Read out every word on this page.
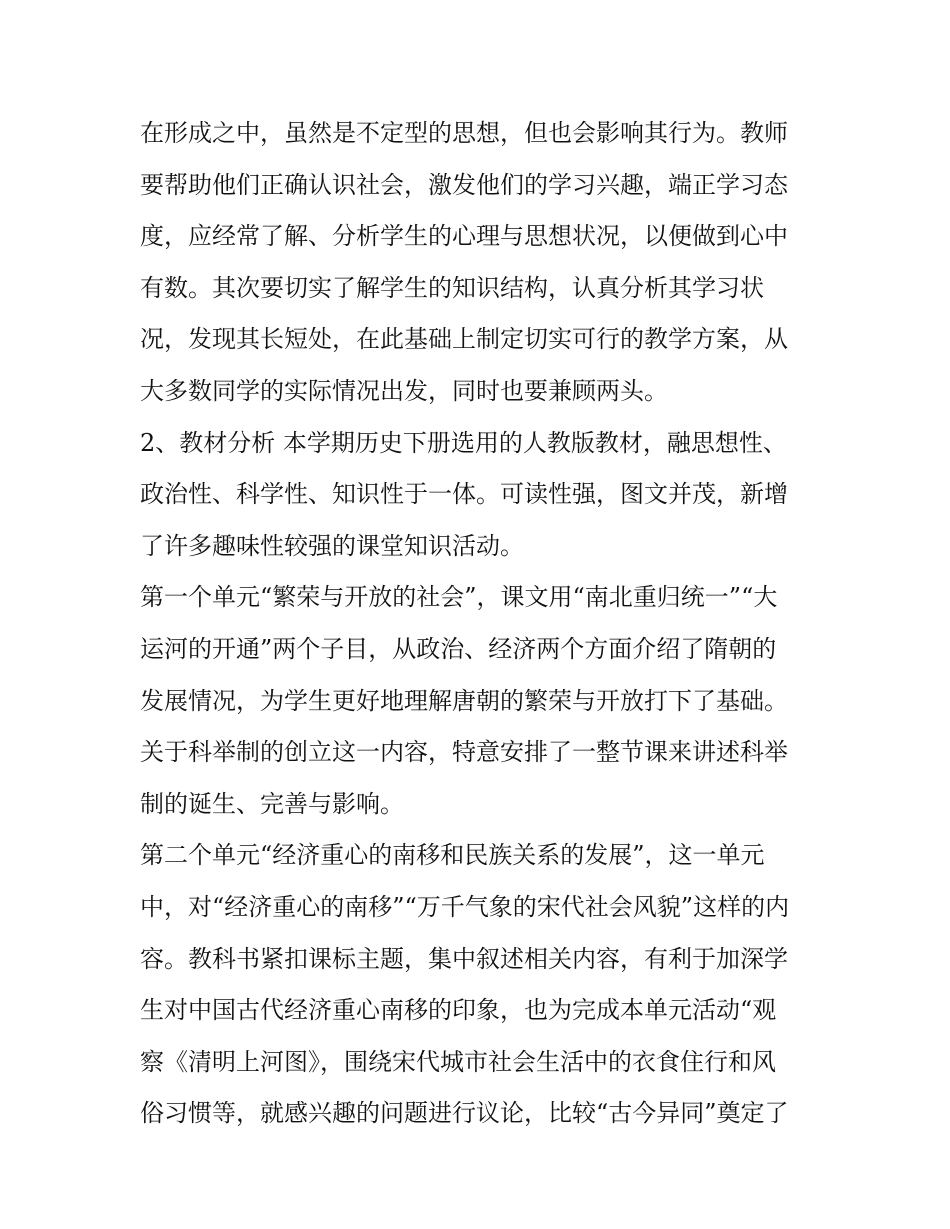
在形成之中，虽然是不定型的思想，但也会影响其行为。教师
要帮助他们正确认识社会，激发他们的学习兴趣，端正学习态
度，应经常了解、分析学生的心理与思想状况，以便做到心中
有数。其次要切实了解学生的知识结构，认真分析其学习状
况，发现其长短处，在此基础上制定切实可行的教学方案，从
大多数同学的实际情况出发，同时也要兼顾两头。
2、教材分析 本学期历史下册选用的人教版教材，融思想性、
政治性、科学性、知识性于一体。可读性强，图文并茂，新增
了许多趣味性较强的课堂知识活动。
第一个单元“繁荣与开放的社会”，课文用“南北重归统一”“大
运河的开通”两个子目，从政治、经济两个方面介绍了隋朝的
发展情况，为学生更好地理解唐朝的繁荣与开放打下了基础。
关于科举制的创立这一内容，特意安排了一整节课来讲述科举
制的诞生、完善与影响。
第二个单元“经济重心的南移和民族关系的发展”，这一单元
中，对“经济重心的南移”“万千气象的宋代社会风貌”这样的内
容。教科书紧扣课标主题，集中叙述相关内容，有利于加深学
生对中国古代经济重心南移的印象，也为完成本单元活动“观
察《清明上河图》，围绕宋代城市社会生活中的衣食住行和风
俗习惯等，就感兴趣的问题进行议论，比较“古今异同”奠定了
